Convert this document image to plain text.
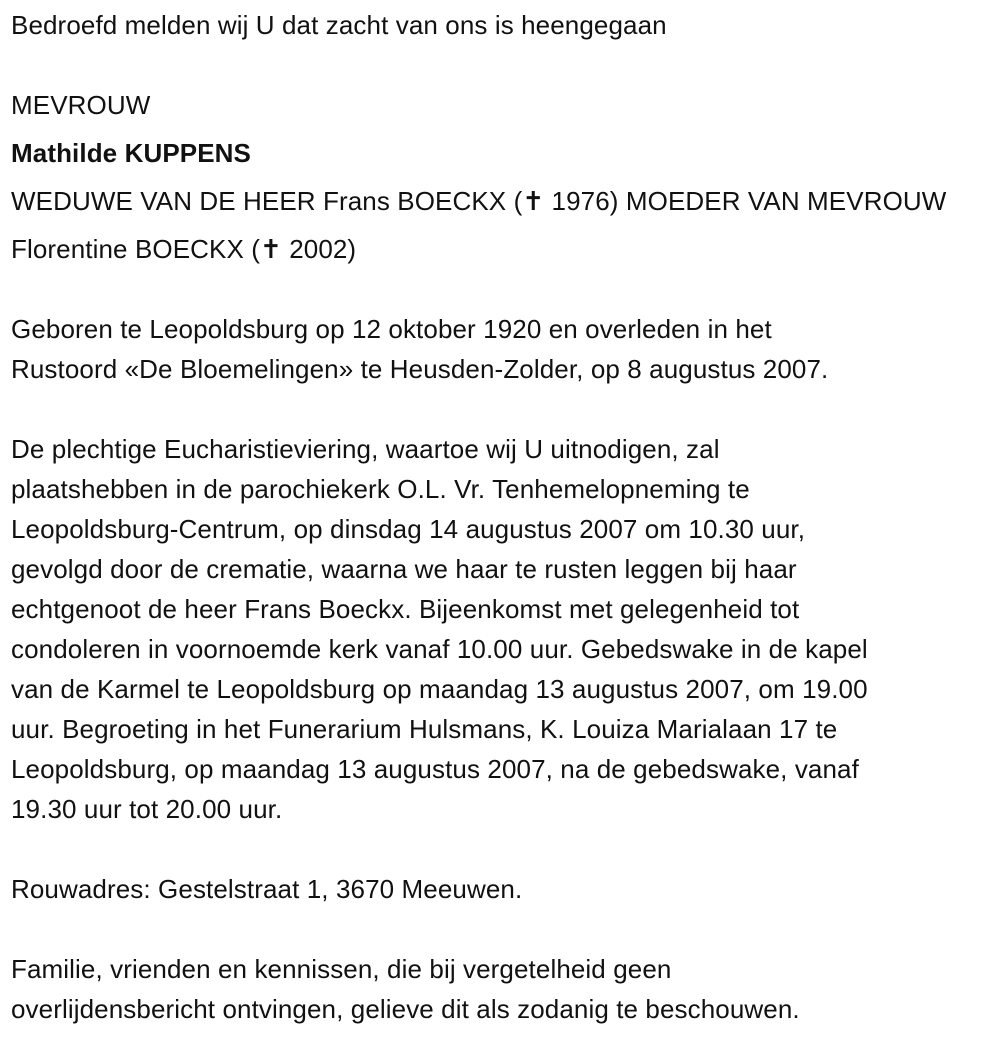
Bedroefd melden wij U dat zacht van ons is heengegaan
MEVROUW
Mathilde KUPPENS
WEDUWE VAN DE HEER Frans BOECKX (✝ 1976) MOEDER VAN MEVROUW
Florentine BOECKX (✝ 2002)
Geboren te Leopoldsburg op 12 oktober 1920 en overleden in het
Rustoord «De Bloemelingen» te Heusden-Zolder, op 8 augustus 2007.
De plechtige Eucharistieviering, waartoe wij U uitnodigen, zal
plaatshebben in de parochiekerk O.L. Vr. Tenhemelopneming te
Leopoldsburg-Centrum, op dinsdag 14 augustus 2007 om 10.30 uur,
gevolgd door de crematie, waarna we haar te rusten leggen bij haar
echtgenoot de heer Frans Boeckx. Bijeenkomst met gelegenheid tot
condoleren in voornoemde kerk vanaf 10.00 uur. Gebedswake in de kapel
van de Karmel te Leopoldsburg op maandag 13 augustus 2007, om 19.00
uur. Begroeting in het Funerarium Hulsmans, K. Louiza Marialaan 17 te
Leopoldsburg, op maandag 13 augustus 2007, na de gebedswake, vanaf
19.30 uur tot 20.00 uur.
Rouwadres: Gestelstraat 1, 3670 Meeuwen.
Familie, vrienden en kennissen, die bij vergetelheid geen
overlijdensbericht ontvingen, gelieve dit als zodanig te beschouwen.
